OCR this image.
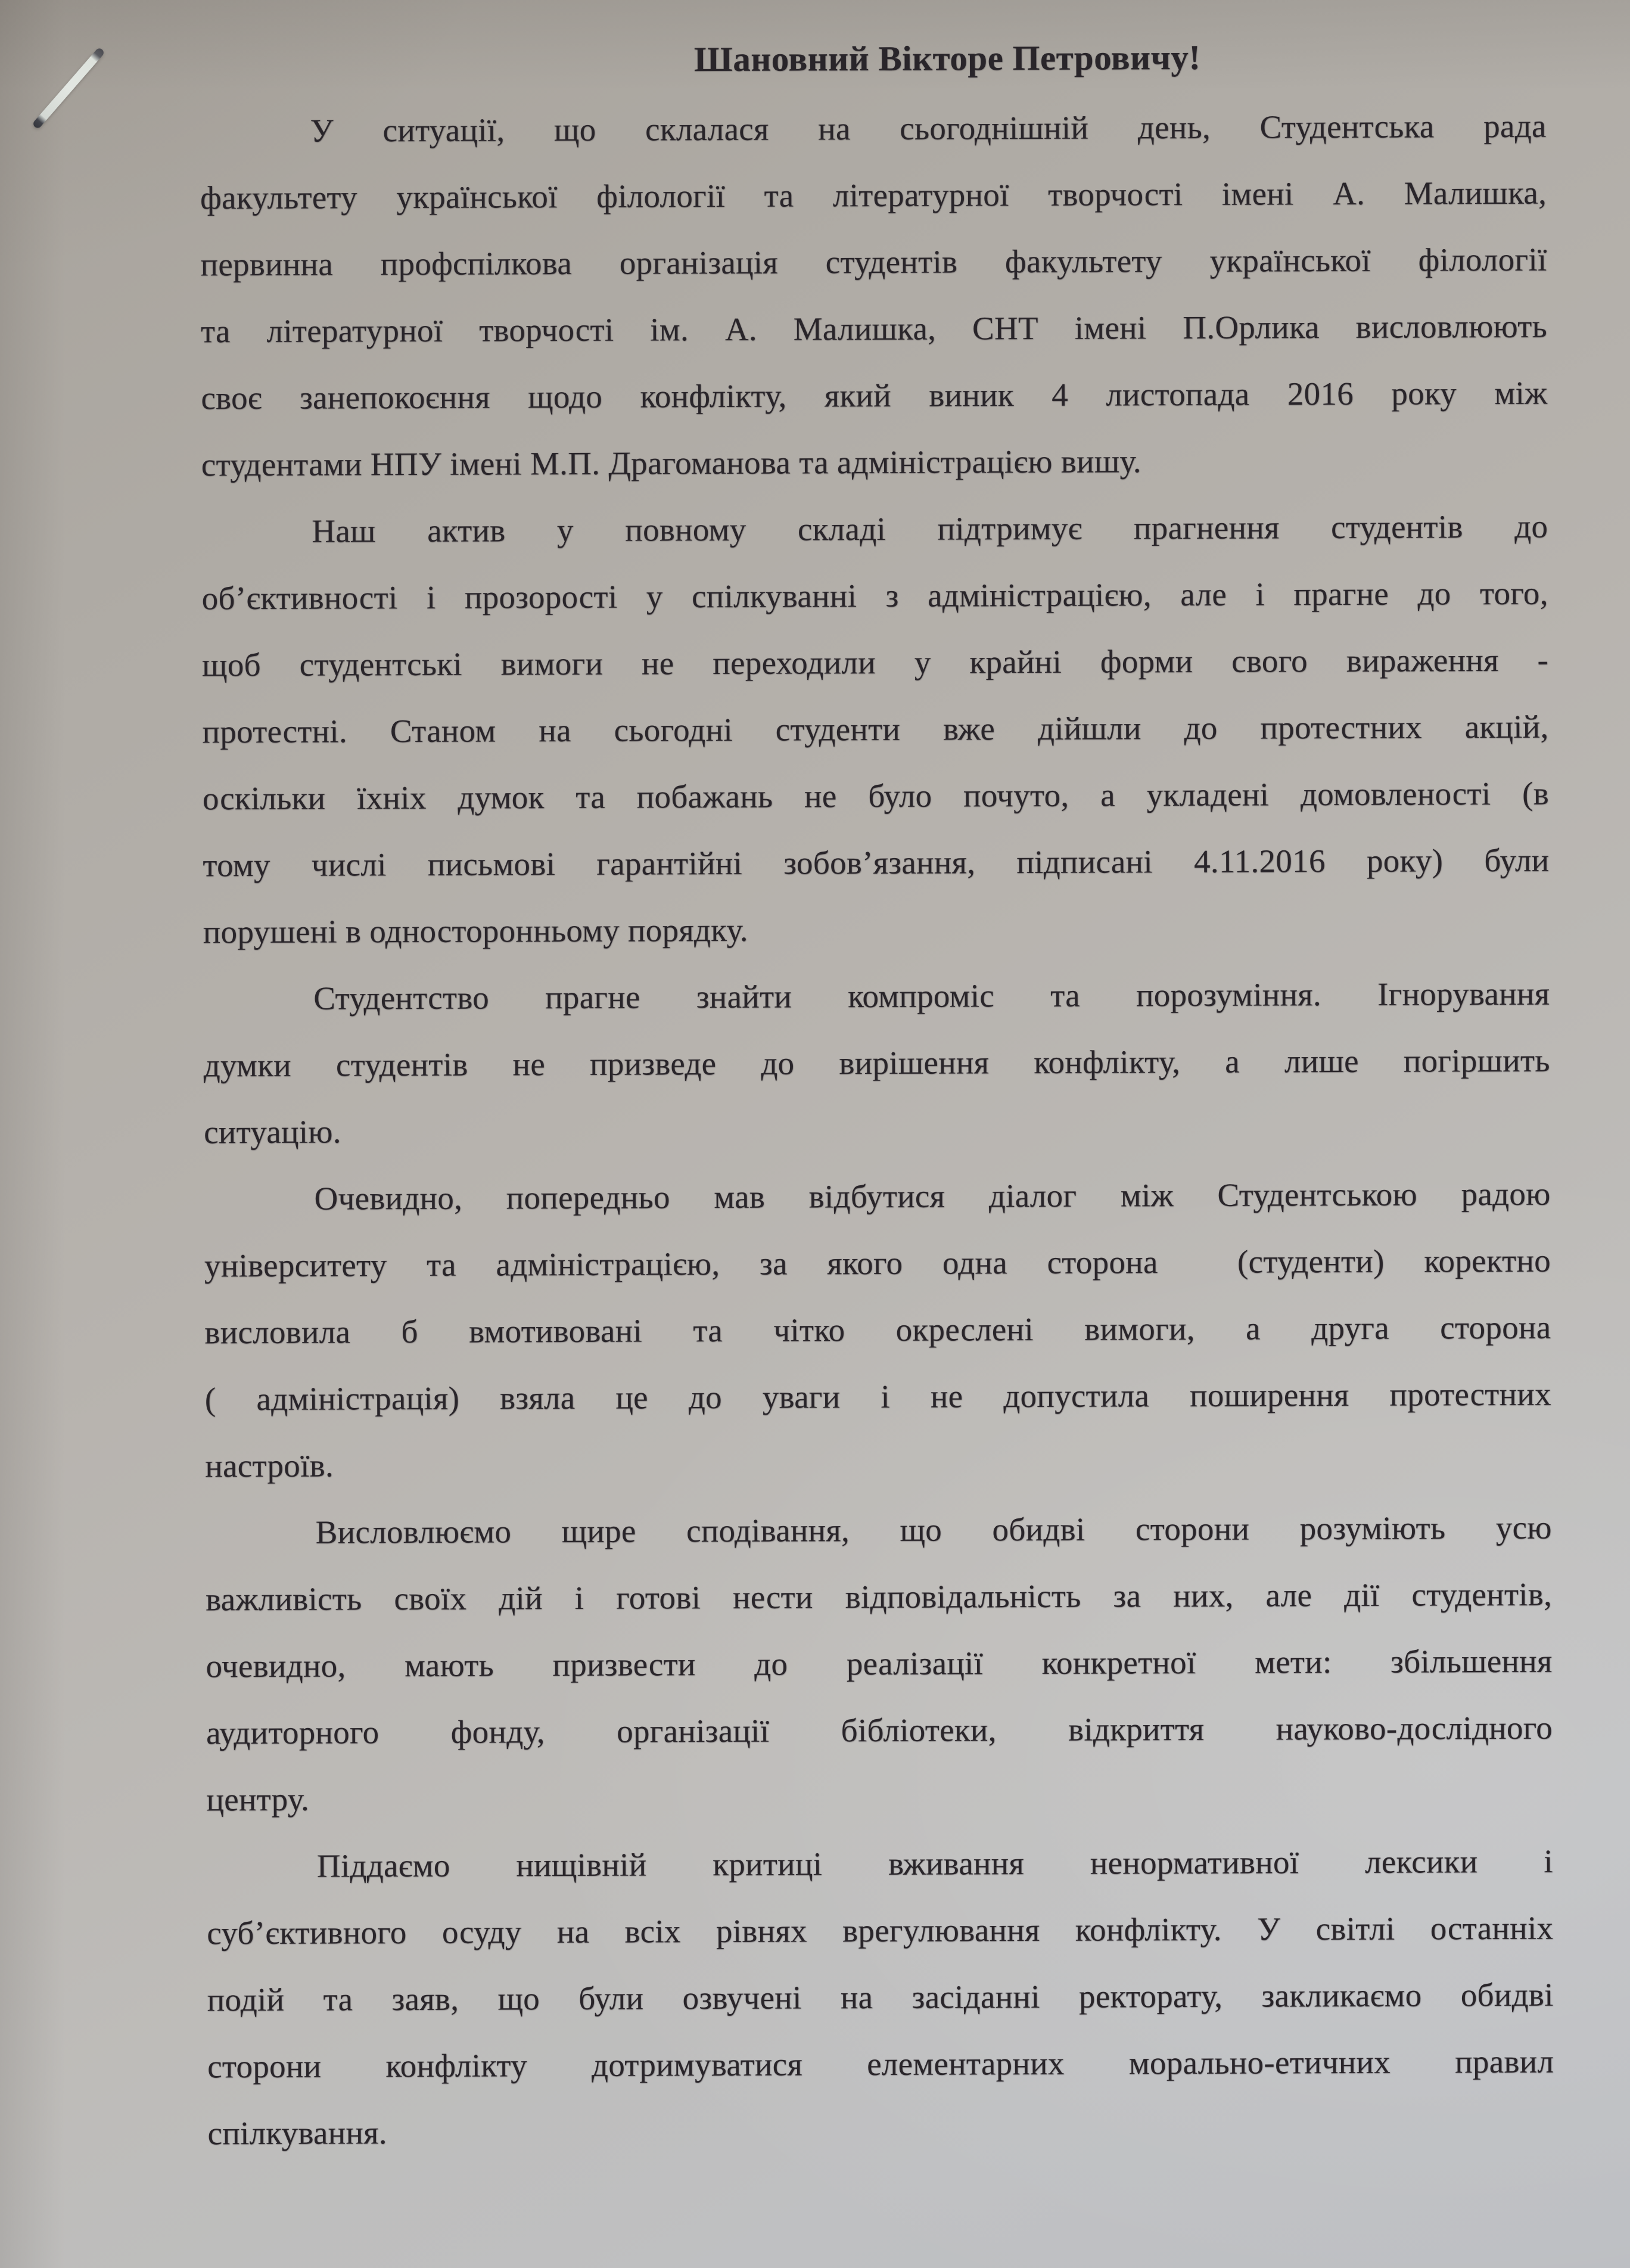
Шановний Вікторе Петровичу!
У ситуації, що склалася на сьогоднішній день, Студентська рада
факультету української філології та літературної творчості імені А. Малишка,
первинна профспілкова організація студентів факультету української філології
та літературної творчості ім. А. Малишка, СНТ імені П.Орлика висловлюють
своє занепокоєння щодо конфлікту, який виник 4 листопада 2016 року між
студентами НПУ імені М.П. Драгоманова та адміністрацією вишу.
Наш актив у повному складі підтримує прагнення студентів до
об’єктивності і прозорості у спілкуванні з адміністрацією, але і прагне до того,
щоб студентські вимоги не переходили у крайні форми свого вираження -
протестні. Станом на сьогодні студенти вже дійшли до протестних акцій,
оскільки їхніх думок та побажань не було почуто, а укладені домовленості (в
тому числі письмові гарантійні зобов’язання, підписані 4.11.2016 року) були
порушені в односторонньому порядку.
Студентство прагне знайти компроміс та порозуміння. Ігнорування
думки студентів не призведе до вирішення конфлікту, а лише погіршить
ситуацію.
Очевидно, попередньо мав відбутися діалог між Студентською радою
університету та адміністрацією, за якого одна сторона  (студенти) коректно
висловила б вмотивовані та чітко окреслені вимоги, а друга сторона
( адміністрація) взяла це до уваги і не допустила поширення протестних
настроїв.
Висловлюємо щире сподівання, що обидві сторони розуміють усю
важливість своїх дій і готові нести відповідальність за них, але дії студентів,
очевидно, мають призвести до реалізації конкретної мети: збільшення
аудиторного фонду, організації бібліотеки, відкриття науково-дослідного
центру.
Піддаємо нищівній критиці вживання ненормативної лексики і
суб’єктивного осуду на всіх рівнях врегулювання конфлікту. У світлі останніх
подій та заяв, що були озвучені на засіданні ректорату, закликаємо обидві
сторони конфлікту дотримуватися елементарних морально-етичних правил
спілкування.
